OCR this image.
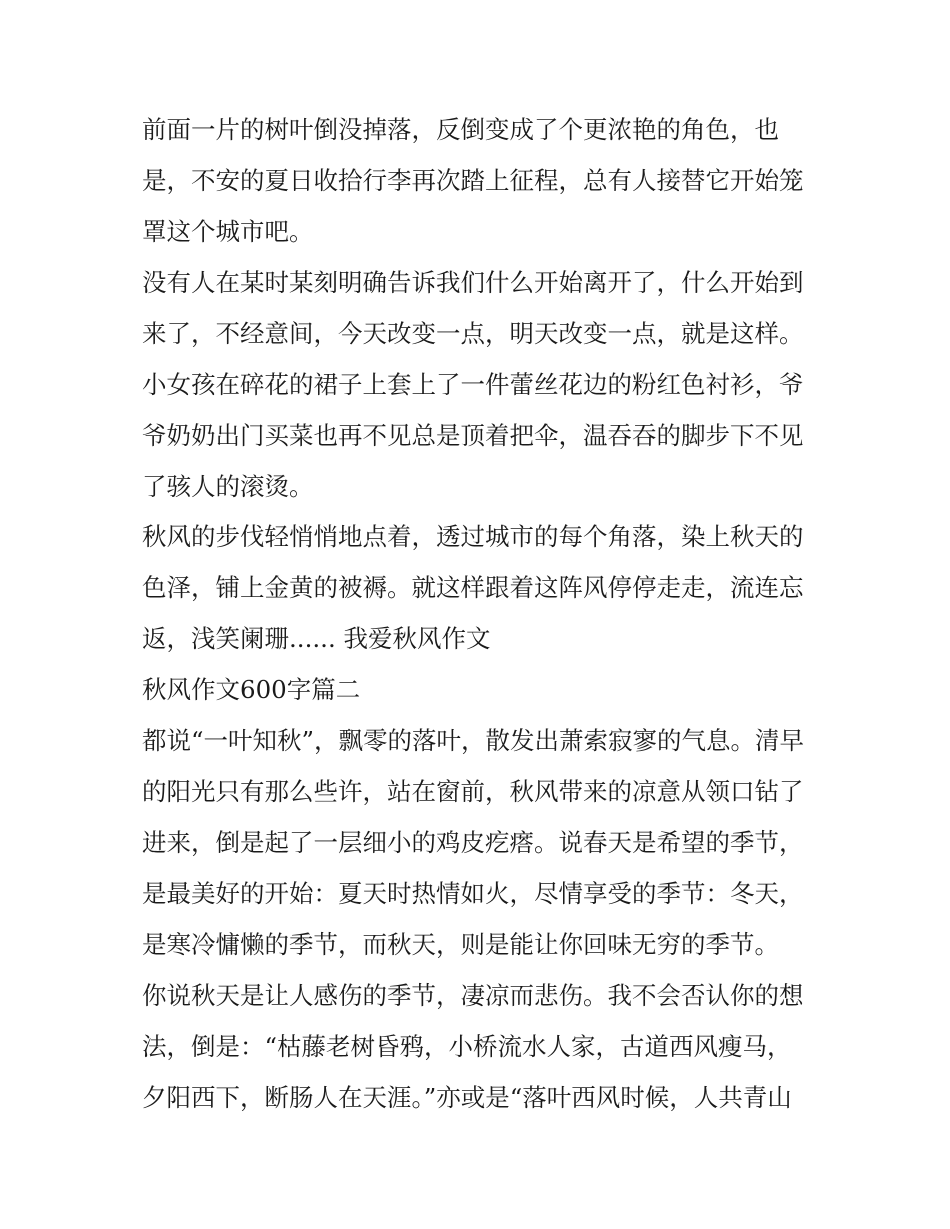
前面一片的树叶倒没掉落，反倒变成了个更浓艳的角色，也
是，不安的夏日收拾行李再次踏上征程，总有人接替它开始笼
罩这个城市吧。
没有人在某时某刻明确告诉我们什么开始离开了，什么开始到
来了，不经意间，今天改变一点，明天改变一点，就是这样。
小女孩在碎花的裙子上套上了一件蕾丝花边的粉红色衬衫，爷
爷奶奶出门买菜也再不见总是顶着把伞，温吞吞的脚步下不见
了骇人的滚烫。
秋风的步伐轻悄悄地点着，透过城市的每个角落，染上秋天的
色泽，铺上金黄的被褥。就这样跟着这阵风停停走走，流连忘
返，浅笑阑珊...... 我爱秋风作文
秋风作文600字篇二
都说“一叶知秋”，飘零的落叶，散发出萧索寂寥的气息。清早
的阳光只有那么些许，站在窗前，秋风带来的凉意从领口钻了
进来，倒是起了一层细小的鸡皮疙瘩。说春天是希望的季节，
是最美好的开始：夏天时热情如火，尽情享受的季节：冬天，
是寒冷慵懒的季节，而秋天，则是能让你回味无穷的季节。
你说秋天是让人感伤的季节，凄凉而悲伤。我不会否认你的想
法，倒是：“枯藤老树昏鸦，小桥流水人家，古道西风瘦马，
夕阳西下，断肠人在天涯。”亦或是“落叶西风时候，人共青山
